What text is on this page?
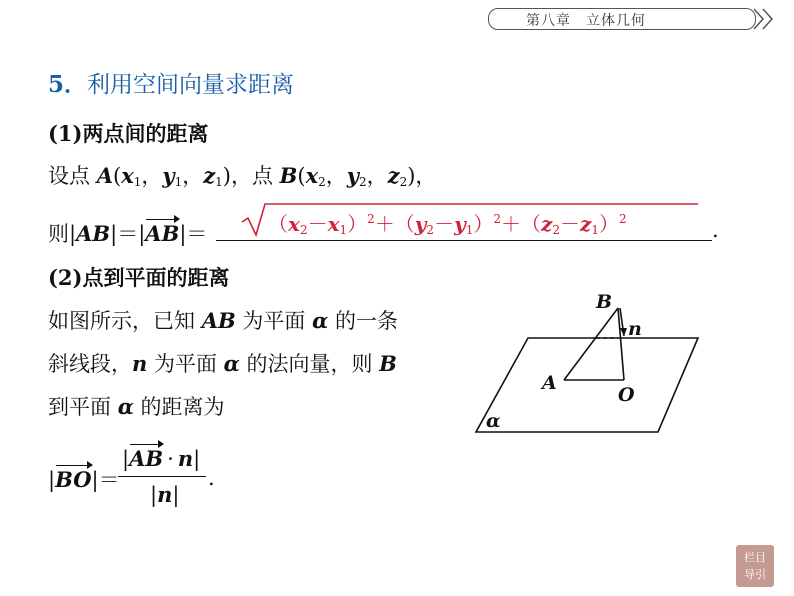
第八章　立体几何
5．利用空间向量求距离
(1)两点间的距离
设点 $A(x_1$，$y_1$，$z_1$)，点 $B(x_2$，$y_2$，$z_2$)，
则|AB|＝|AB|＝	.
$(x_2-x_1)^2+(y_2-y_1)^2+(z_2-z_1)^2$
(2)点到平面的距离
如图所示，已知 AB 为平面 α 的一条
斜线段，n 为平面 α 的法向量，则 B
到平面 α 的距离为
|BO|＝
|AB · n|
|n|
.
B
n
A
O
α
栏目
导引
